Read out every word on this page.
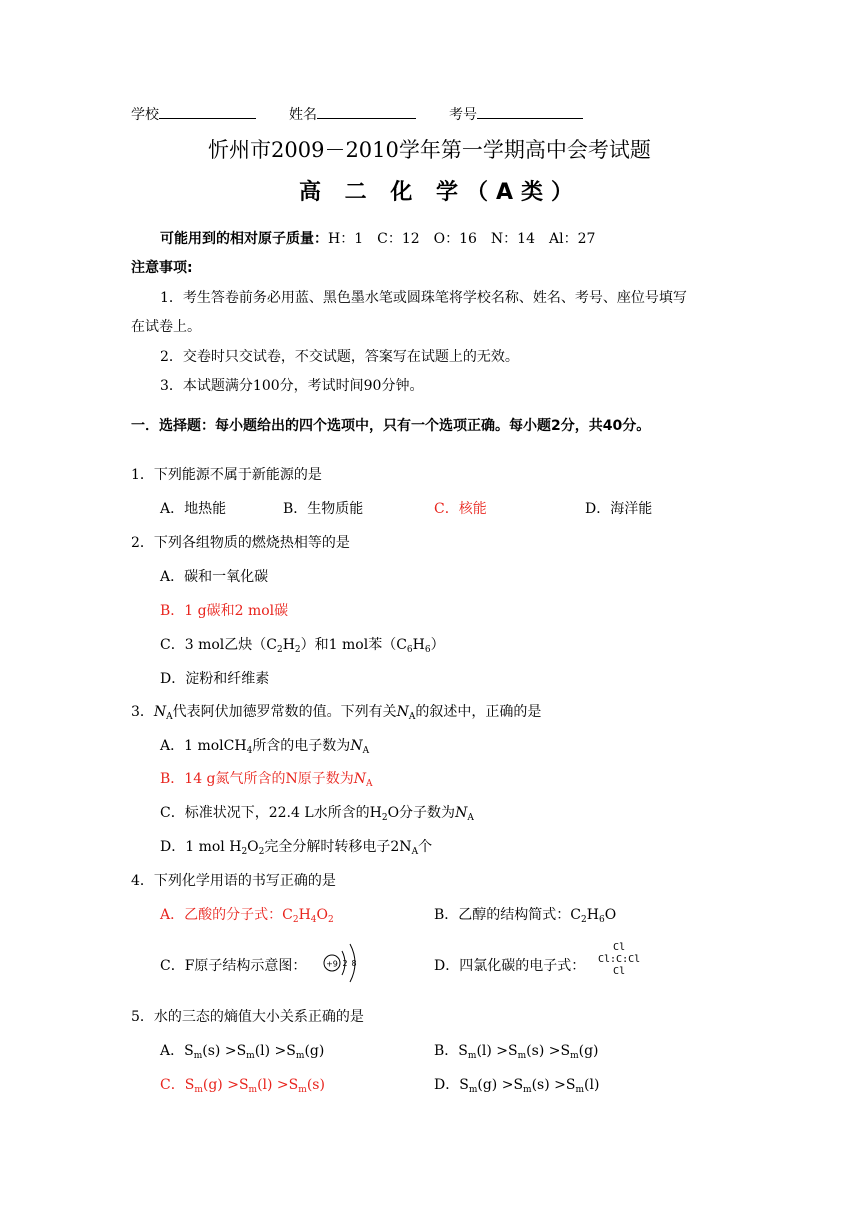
学校	姓名	考号
忻州市2009－2010学年第一学期高中会考试题
高 二 化 学（A类）
可能用到的相对原子质量：H：1　C：12　O：16　N：14　Al：27
注意事项:
1．考生答卷前务必用蓝、黑色墨水笔或圆珠笔将学校名称、姓名、考号、座位号填写
在试卷上。
2．交卷时只交试卷，不交试题，答案写在试题上的无效。
3．本试题满分100分，考试时间90分钟。
一．选择题：每小题给出的四个选项中，只有一个选项正确。每小题2分，共40分。
1．下列能源不属于新能源的是
A．地热能	B．生物质能	C．核能	D．海洋能
2．下列各组物质的燃烧热相等的是
A．碳和一氧化碳
B．1 g碳和2 mol碳
C．3 mol乙炔$(C_2H_2)$和1 mol苯$(C_6H_6)$
D．淀粉和纤维素
3．$N_A$代表阿伏加德罗常数的值。下列有关$N_A$的叙述中，正确的是
A．1 molCH$_4$所含的电子数为$N_A$
B．14 g氮气所含的N原子数为$N_A$
C．标准状况下，22.4 L水所含的$H_2O$分子数为$N_A$
D．1 mol $H_2O_2$完全分解时转移电子$2N_A$个
4．下列化学用语的书写正确的是
A．乙酸的分子式：$C_2H_4O_2$	B．乙醇的结构简式：$C_2H_6O$
C．F原子结构示意图： +9 2 8	D．四氯化碳的电子式：
Cl
Cl:C:Cl
Cl
5．水的三态的熵值大小关系正确的是
A．$S_m(s) >S_m(l) >S_m(g)$	B．$S_m(l) >S_m(s) >S_m(g)$
C．$S_m(g) >S_m(l) >S_m(s)$	D．$S_m(g) >S_m(s) >S_m(l)$
